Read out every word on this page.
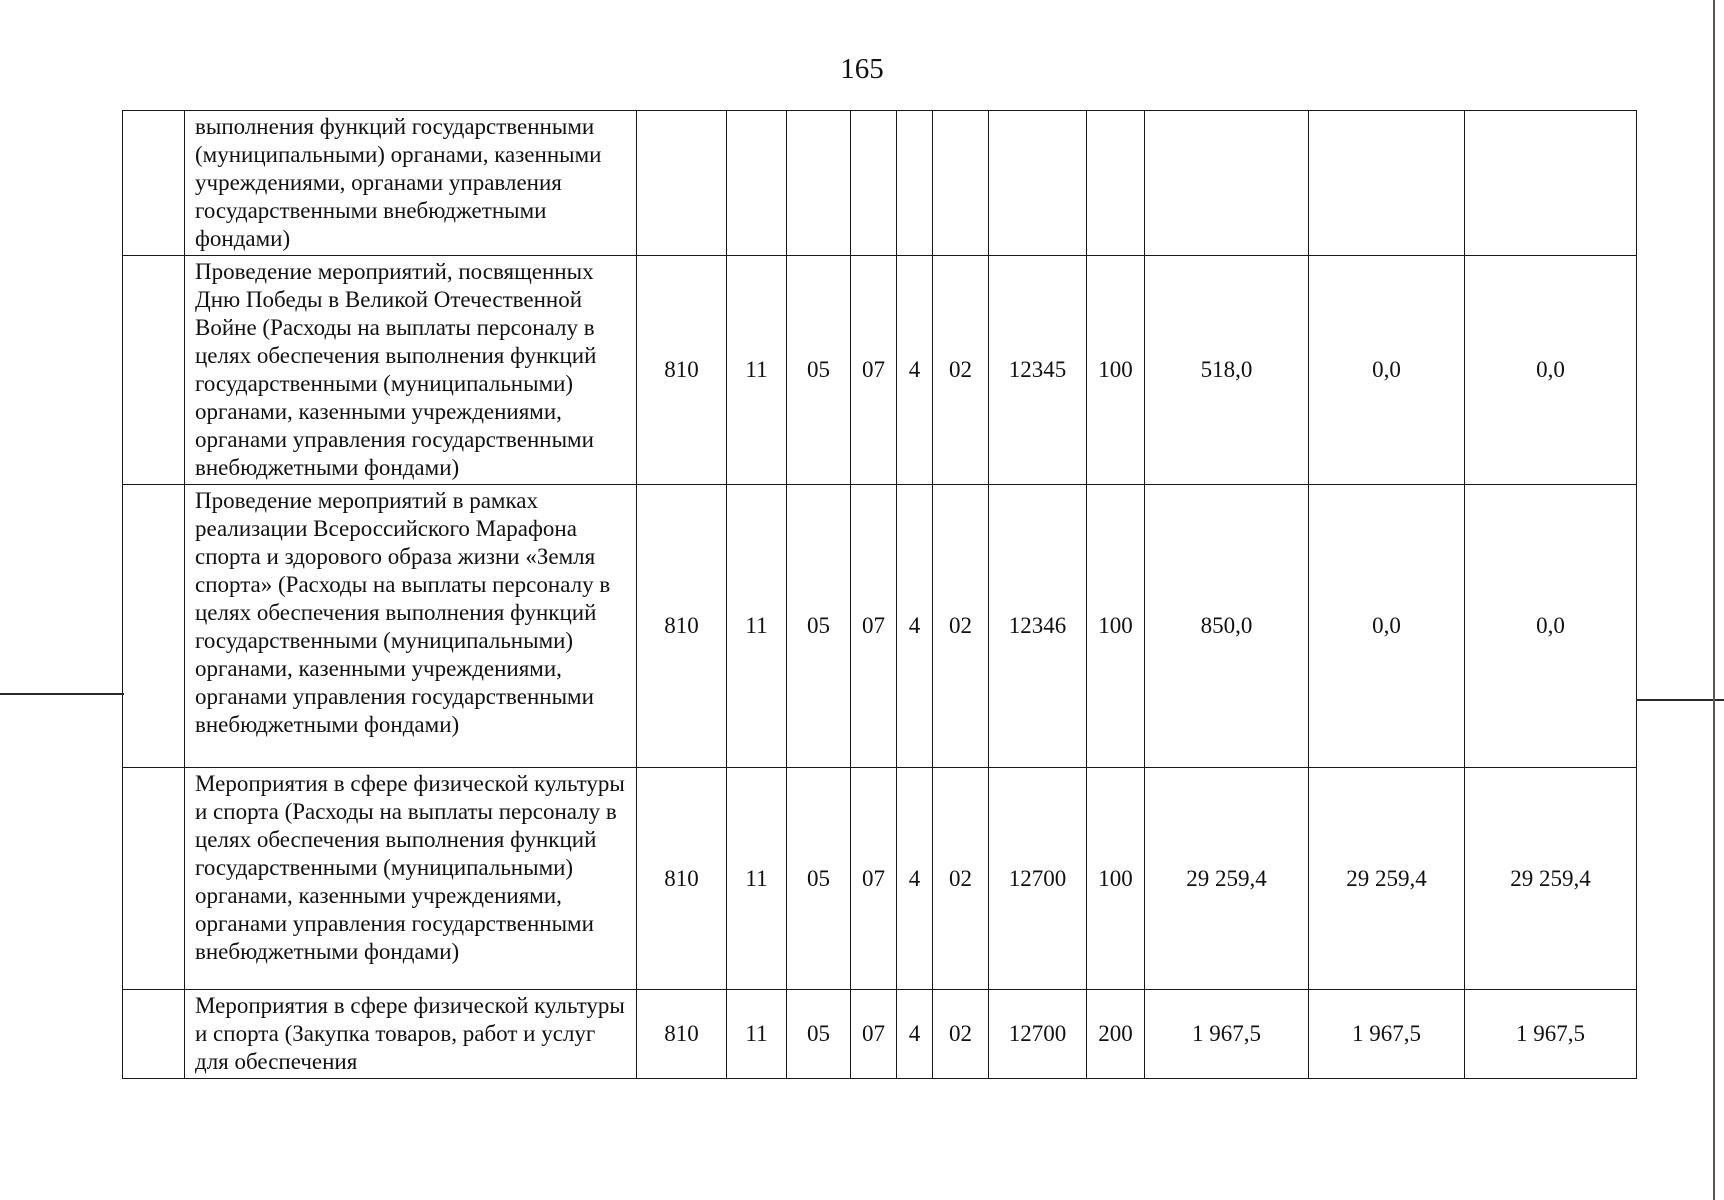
165
	выполнения функций государственными (муниципальными) органами, казенными учреждениями, органами управления государственными внебюджетными фондами)											
	Проведение мероприятий, посвященных Дню Победы в Великой Отечественной Войне (Расходы на выплаты персоналу в целях обеспечения выполнения функций государственными (муниципальными) органами, казенными учреждениями, органами управления государственными внебюджетными фондами)	810	11	05	07	4	02	12345	100	518,0	0,0	0,0
	Проведение мероприятий в рамках реализации Всероссийского Марафона спорта и здорового образа жизни «Земля спорта» (Расходы на выплаты персоналу в целях обеспечения выполнения функций государственными (муниципальными) органами, казенными учреждениями, органами управления государственными внебюджетными фондами)	810	11	05	07	4	02	12346	100	850,0	0,0	0,0
	Мероприятия в сфере физической культуры и спорта (Расходы на выплаты персоналу в целях обеспечения выполнения функций государственными (муниципальными) органами, казенными учреждениями, органами управления государственными внебюджетными фондами)	810	11	05	07	4	02	12700	100	29 259,4	29 259,4	29 259,4
	Мероприятия в сфере физической культуры и спорта (Закупка товаров, работ и услуг для обеспечения	810	11	05	07	4	02	12700	200	1 967,5	1 967,5	1 967,5
